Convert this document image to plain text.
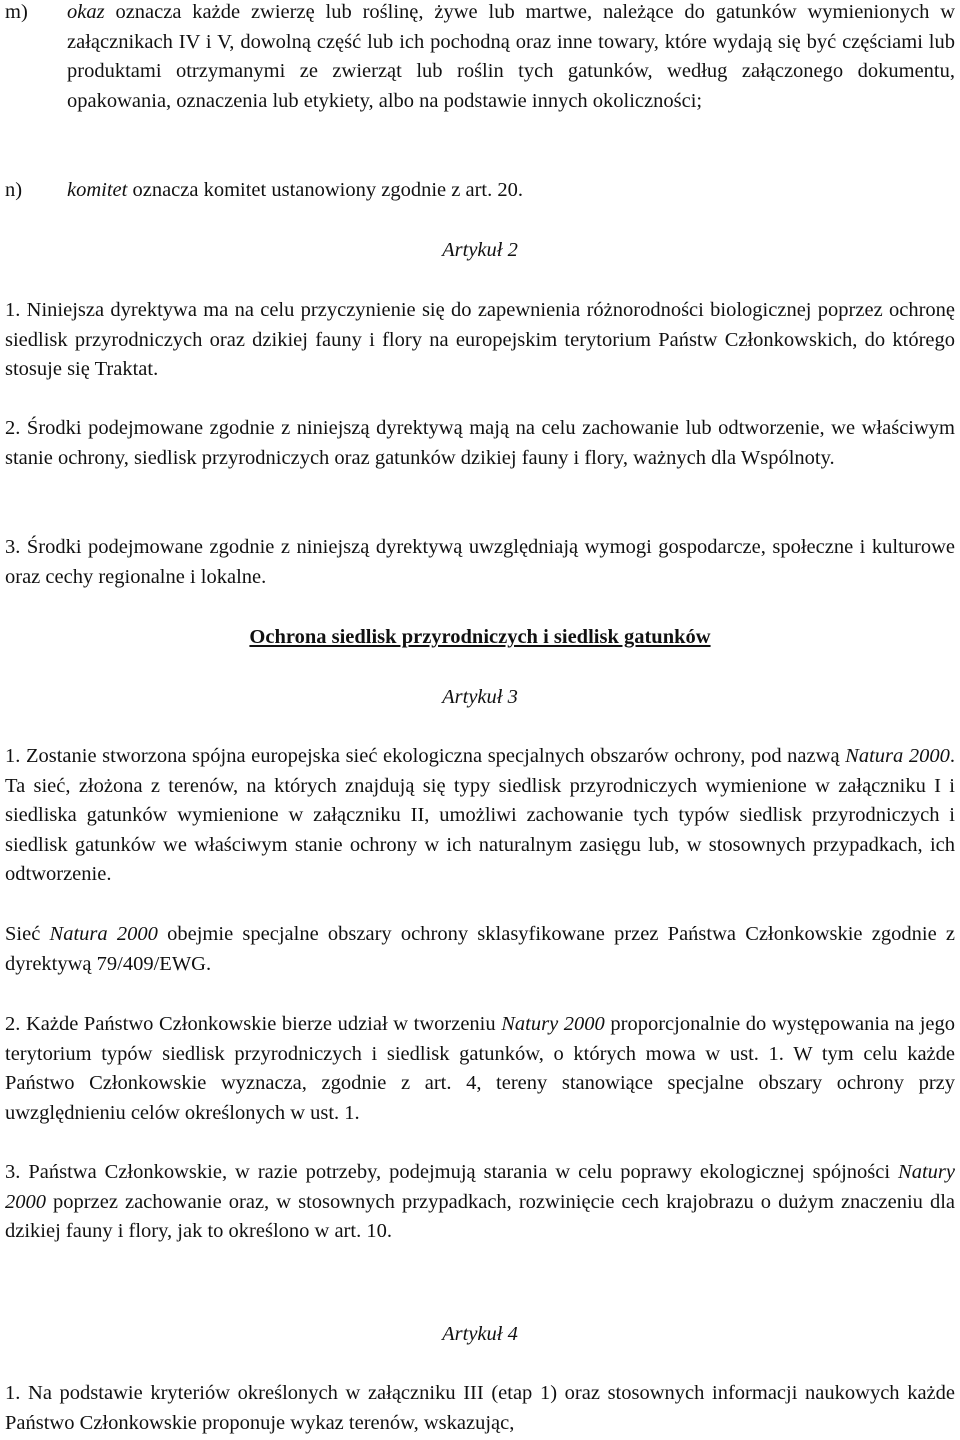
m)	okaz oznacza każde zwierzę lub roślinę, żywe lub martwe, należące do gatunków wymienionych w załącznikach IV i V, dowolną część lub ich pochodną oraz inne towary, które wydają się być częściami lub produktami otrzymanymi ze zwierząt lub roślin tych gatunków, według załączonego dokumentu, opakowania, oznaczenia lub etykiety, albo na podstawie innych okoliczności;
n)	komitet oznacza komitet ustanowiony zgodnie z art. 20.

Artykuł 2

1. Niniejsza dyrektywa ma na celu przyczynienie się do zapewnienia różnorodności biologicznej poprzez ochronę siedlisk przyrodniczych oraz dzikiej fauny i flory na europejskim terytorium Państw Członkowskich, do którego stosuje się Traktat.

2. Środki podejmowane zgodnie z niniejszą dyrektywą mają na celu zachowanie lub odtworzenie, we właściwym stanie ochrony, siedlisk przyrodniczych oraz gatunków dzikiej fauny i flory, ważnych dla Wspólnoty.

3. Środki podejmowane zgodnie z niniejszą dyrektywą uwzględniają wymogi gospodarcze, społeczne i kulturowe oraz cechy regionalne i lokalne.

Ochrona siedlisk przyrodniczych i siedlisk gatunków

Artykuł 3

1. Zostanie stworzona spójna europejska sieć ekologiczna specjalnych obszarów ochrony, pod nazwą Natura 2000. Ta sieć, złożona z terenów, na których znajdują się typy siedlisk przyrodniczych wymienione w załączniku I i siedliska gatunków wymienione w załączniku II, umożliwi zachowanie tych typów siedlisk przyrodniczych i siedlisk gatunków we właściwym stanie ochrony w ich naturalnym zasięgu lub, w stosownych przypadkach, ich odtworzenie.

Sieć Natura 2000 obejmie specjalne obszary ochrony sklasyfikowane przez Państwa Członkowskie zgodnie z dyrektywą 79/409/EWG.

2. Każde Państwo Członkowskie bierze udział w tworzeniu Natury 2000 proporcjonalnie do występowania na jego terytorium typów siedlisk przyrodniczych i siedlisk gatunków, o których mowa w ust. 1. W tym celu każde Państwo Członkowskie wyznacza, zgodnie z art. 4, tereny stanowiące specjalne obszary ochrony przy uwzględnieniu celów określonych w ust. 1.

3. Państwa Członkowskie, w razie potrzeby, podejmują starania w celu poprawy ekologicznej spójności Natury 2000 poprzez zachowanie oraz, w stosownych przypadkach, rozwinięcie cech krajobrazu o dużym znaczeniu dla dzikiej fauny i flory, jak to określono w art. 10.

Artykuł 4

1. Na podstawie kryteriów określonych w załączniku III (etap 1) oraz stosownych informacji naukowych każde Państwo Członkowskie proponuje wykaz terenów, wskazując,
